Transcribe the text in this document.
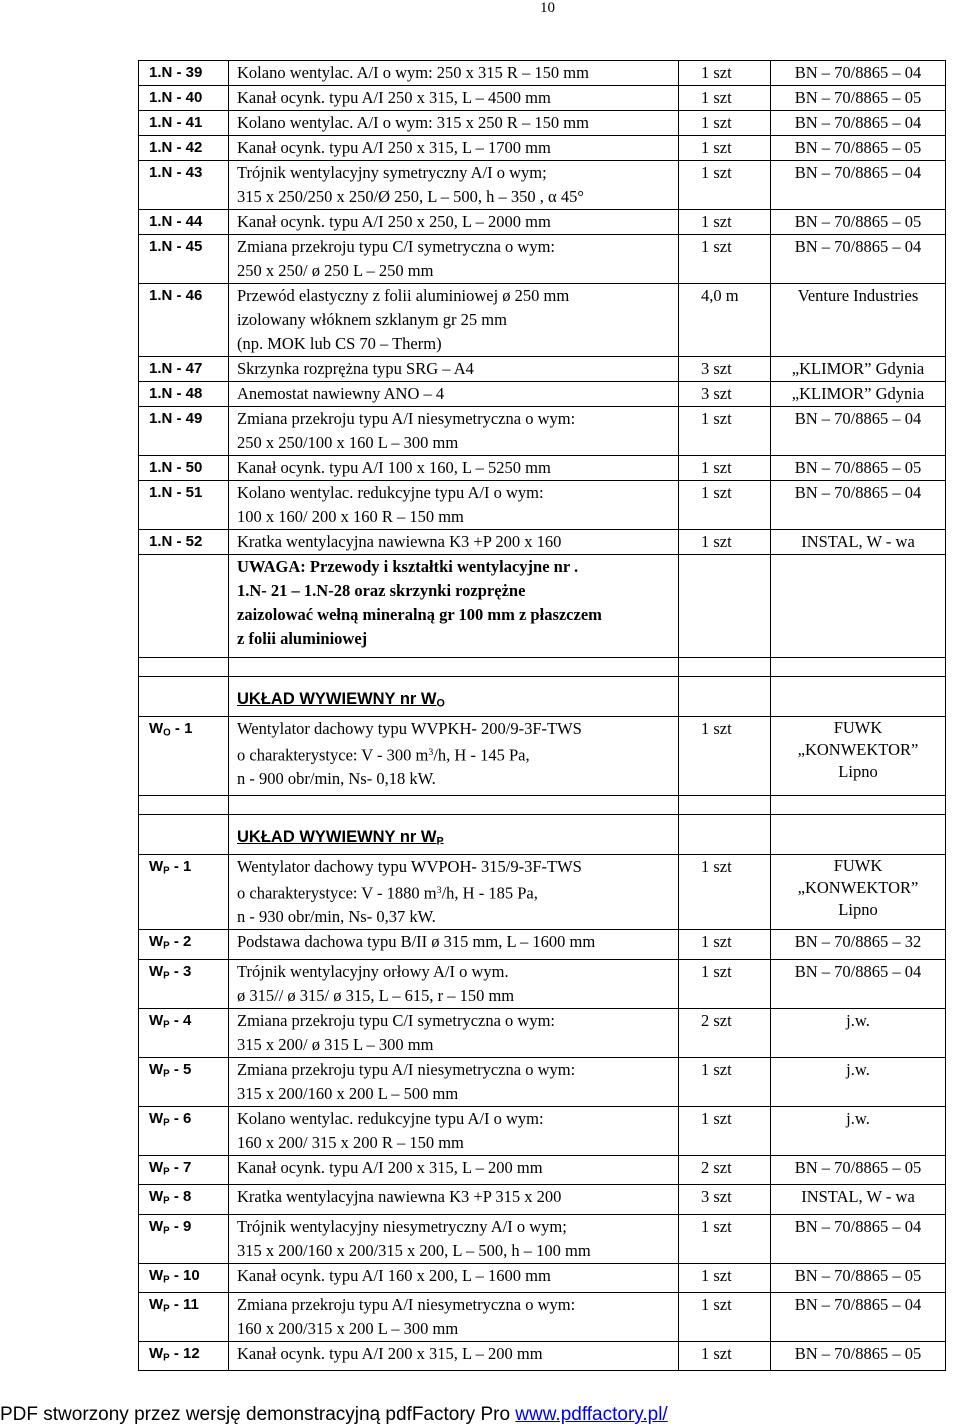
10
1.N - 39	Kolano wentylac. A/I o wym: 250 x 315 R – 150 mm	1 szt	BN – 70/8865 – 04
1.N - 40	Kanał ocynk. typu A/I 250 x 315, L – 4500 mm	1 szt	BN – 70/8865 – 05
1.N - 41	Kolano wentylac. A/I o wym: 315 x 250 R – 150 mm	1 szt	BN – 70/8865 – 04
1.N - 42	Kanał ocynk. typu A/I 250 x 315, L – 1700 mm	1 szt	BN – 70/8865 – 05
1.N - 43	Trójnik wentylacyjny symetryczny A/I o wym;
315 x 250/250 x 250/Ø 250, L – 500, h – 350 , α 45°	1 szt	BN – 70/8865 – 04
1.N - 44	Kanał ocynk. typu A/I 250 x 250, L – 2000 mm	1 szt	BN – 70/8865 – 05
1.N - 45	Zmiana przekroju typu C/I symetryczna o wym:
250 x 250/ ø 250 L – 250 mm	1 szt	BN – 70/8865 – 04
1.N - 46	Przewód elastyczny z folii aluminiowej ø 250 mm
izolowany włóknem szklanym gr 25 mm
(np. MOK lub CS 70 – Therm)	4,0 m	Venture Industries
1.N - 47	Skrzynka rozprężna typu SRG – A4	3 szt	„KLIMOR” Gdynia
1.N - 48	Anemostat nawiewny ANO – 4	3 szt	„KLIMOR” Gdynia
1.N - 49	Zmiana przekroju typu A/I niesymetryczna o wym:
250 x 250/100 x 160 L – 300 mm	1 szt	BN – 70/8865 – 04
1.N - 50	Kanał ocynk. typu A/I 100 x 160, L – 5250 mm	1 szt	BN – 70/8865 – 05
1.N - 51	Kolano wentylac. redukcyjne typu A/I o wym:
100 x 160/ 200 x 160 R – 150 mm	1 szt	BN – 70/8865 – 04
1.N - 52	Kratka wentylacyjna nawiewna K3 +P 200 x 160	1 szt	INSTAL, W - wa

	UWAGA: Przewody i kształtki wentylacyjne nr .
1.N- 21 – 1.N-28 oraz skrzynki rozprężne
zaizolować wełną mineralną gr 100 mm z płaszczem
z folii aluminiowej		

	UKŁAD WYWIEWNY nr $W_O$		
$W_O - 1$	Wentylator dachowy typu WVPKH- 200/9-3F-TWS
o charakterystyce: V - 300 $m^3/h$, H - 145 Pa,
n - 900 obr/min, Ns- 0,18 kW.	1 szt	FUWK
„KONWEKTOR”
Lipno

	UKŁAD WYWIEWNY nr $W_P$		
$W_P - 1$	Wentylator dachowy typu WVPOH- 315/9-3F-TWS
o charakterystyce: V - 1880 $m^3/h$, H - 185 Pa,
n - 930 obr/min, Ns- 0,37 kW.	1 szt	FUWK
„KONWEKTOR”
Lipno

$W_P - 2$	Podstawa dachowa typu B/II ø 315 mm, L – 1600 mm	1 szt	BN – 70/8865 – 32
$W_P - 3$	Trójnik wentylacyjny orłowy A/I o wym.
ø 315// ø 315/ ø 315, L – 615, r – 150 mm	1 szt	BN – 70/8865 – 04
$W_P - 4$	Zmiana przekroju typu C/I symetryczna o wym:
315 x 200/ ø 315 L – 300 mm	2 szt	j.w.
$W_P - 5$	Zmiana przekroju typu A/I niesymetryczna o wym:
315 x 200/160 x 200 L – 500 mm	1 szt	j.w.
$W_P - 6$	Kolano wentylac. redukcyjne typu A/I o wym:
160 x 200/ 315 x 200 R – 150 mm	1 szt	j.w.
$W_P - 7$	Kanał ocynk. typu A/I 200 x 315, L – 200 mm	2 szt	BN – 70/8865 – 05
$W_P - 8$	Kratka wentylacyjna nawiewna K3 +P 315 x 200	3 szt	INSTAL, W - wa
$W_P - 9$	Trójnik wentylacyjny niesymetryczny A/I o wym;
315 x 200/160 x 200/315 x 200, L – 500, h – 100 mm	1 szt	BN – 70/8865 – 04
$W_P - 10$	Kanał ocynk. typu A/I 160 x 200, L – 1600 mm	1 szt	BN – 70/8865 – 05
$W_P - 11$	Zmiana przekroju typu A/I niesymetryczna o wym:
160 x 200/315 x 200 L – 300 mm	1 szt	BN – 70/8865 – 04
$W_P - 12$	Kanał ocynk. typu A/I 200 x 315, L – 200 mm	1 szt	BN – 70/8865 – 05
PDF stworzony przez wersję demonstracyjną pdfFactory Pro www.pdffactory.pl/
